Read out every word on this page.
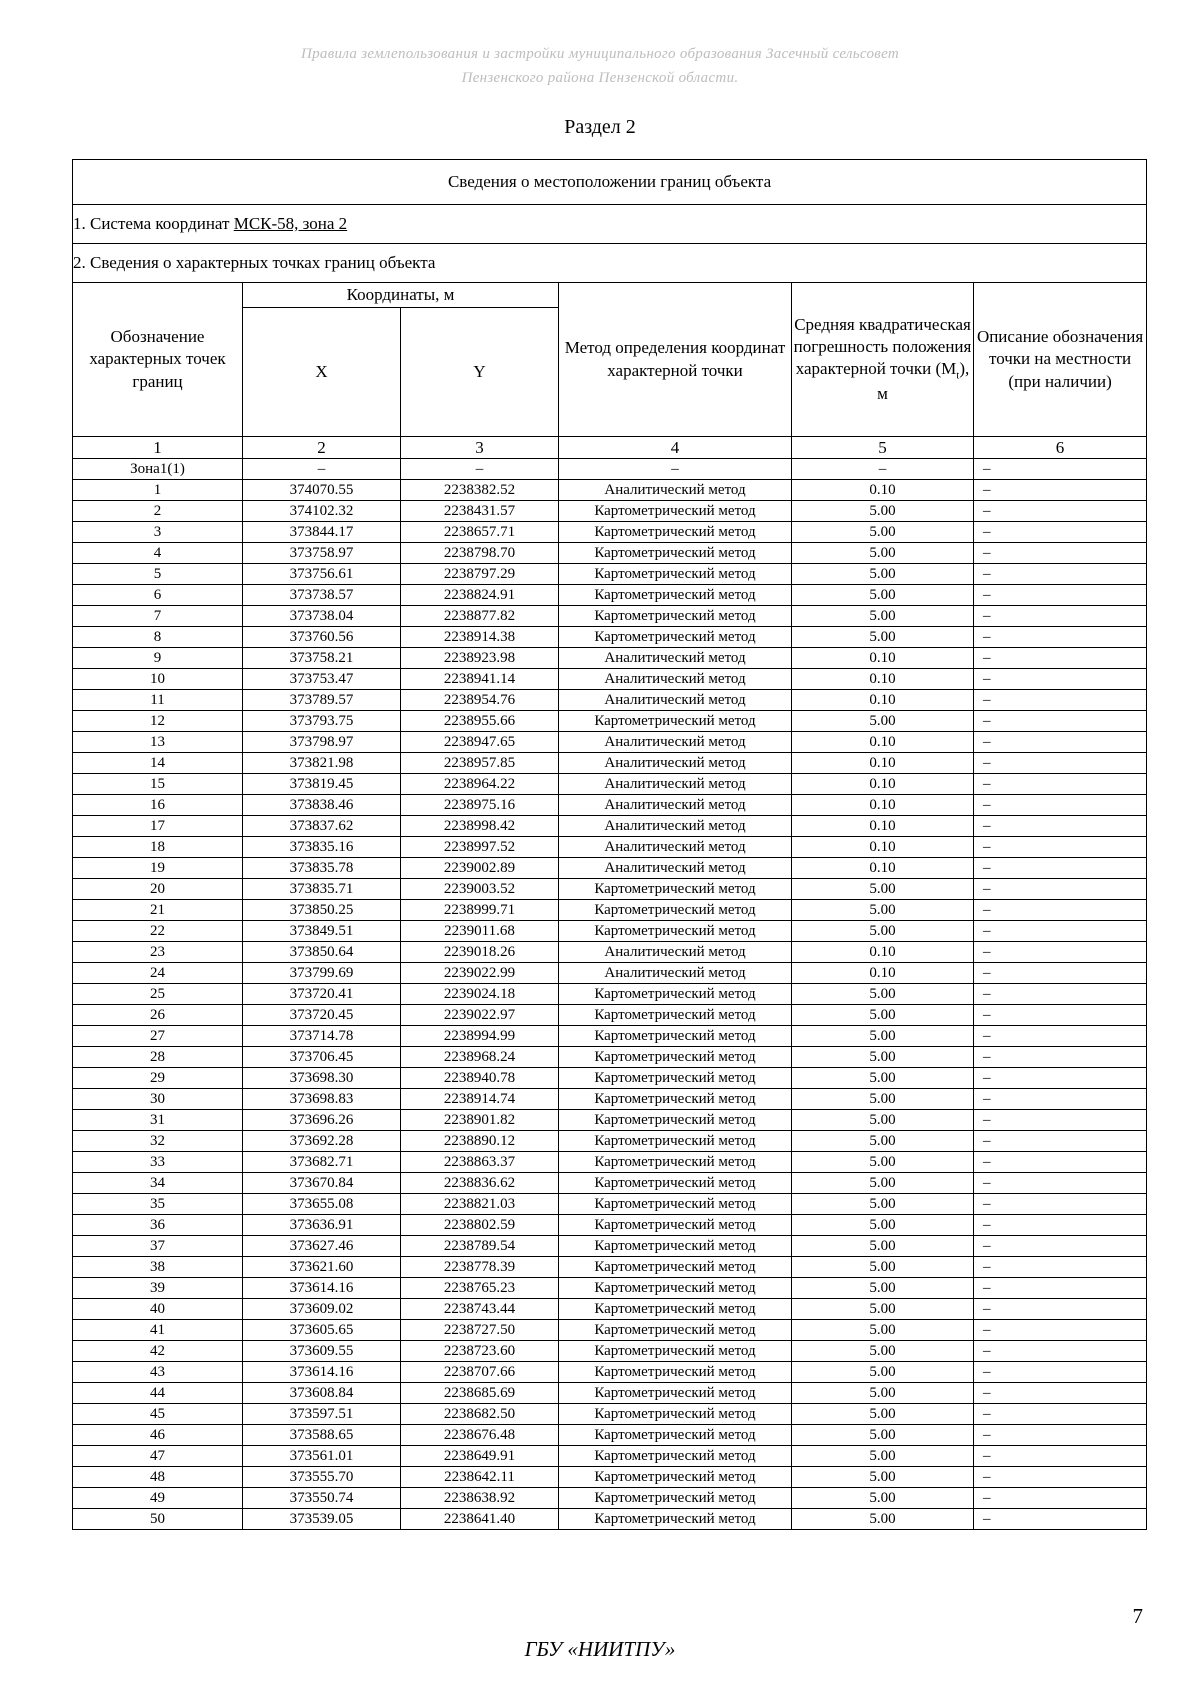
Правила землепользования и застройки муниципального образования Засечный сельсовет
Пензенского района Пензенской области.
Раздел 2
Сведения о местоположении границ объекта					
1. Система координат МСК-58, зона 2					
2. Сведения о характерных точках границ объекта					
Обозначение характерных точек границ	Координаты, м		Метод определения координат характерной точки	Средняя квадратическая погрешность положения характерной точки $(M_t)$, м	Описание обозначения точки на местности (при наличии)
	X	Y			
1	2	3	4	5	6
Зона1(1)	–	–	–	–	–
1	374070.55	2238382.52	Аналитический метод	0.10	–
2	374102.32	2238431.57	Картометрический метод	5.00	–
3	373844.17	2238657.71	Картометрический метод	5.00	–
4	373758.97	2238798.70	Картометрический метод	5.00	–
5	373756.61	2238797.29	Картометрический метод	5.00	–
6	373738.57	2238824.91	Картометрический метод	5.00	–
7	373738.04	2238877.82	Картометрический метод	5.00	–
8	373760.56	2238914.38	Картометрический метод	5.00	–
9	373758.21	2238923.98	Аналитический метод	0.10	–
10	373753.47	2238941.14	Аналитический метод	0.10	–
11	373789.57	2238954.76	Аналитический метод	0.10	–
12	373793.75	2238955.66	Картометрический метод	5.00	–
13	373798.97	2238947.65	Аналитический метод	0.10	–
14	373821.98	2238957.85	Аналитический метод	0.10	–
15	373819.45	2238964.22	Аналитический метод	0.10	–
16	373838.46	2238975.16	Аналитический метод	0.10	–
17	373837.62	2238998.42	Аналитический метод	0.10	–
18	373835.16	2238997.52	Аналитический метод	0.10	–
19	373835.78	2239002.89	Аналитический метод	0.10	–
20	373835.71	2239003.52	Картометрический метод	5.00	–
21	373850.25	2238999.71	Картометрический метод	5.00	–
22	373849.51	2239011.68	Картометрический метод	5.00	–
23	373850.64	2239018.26	Аналитический метод	0.10	–
24	373799.69	2239022.99	Аналитический метод	0.10	–
25	373720.41	2239024.18	Картометрический метод	5.00	–
26	373720.45	2239022.97	Картометрический метод	5.00	–
27	373714.78	2238994.99	Картометрический метод	5.00	–
28	373706.45	2238968.24	Картометрический метод	5.00	–
29	373698.30	2238940.78	Картометрический метод	5.00	–
30	373698.83	2238914.74	Картометрический метод	5.00	–
31	373696.26	2238901.82	Картометрический метод	5.00	–
32	373692.28	2238890.12	Картометрический метод	5.00	–
33	373682.71	2238863.37	Картометрический метод	5.00	–
34	373670.84	2238836.62	Картометрический метод	5.00	–
35	373655.08	2238821.03	Картометрический метод	5.00	–
36	373636.91	2238802.59	Картометрический метод	5.00	–
37	373627.46	2238789.54	Картометрический метод	5.00	–
38	373621.60	2238778.39	Картометрический метод	5.00	–
39	373614.16	2238765.23	Картометрический метод	5.00	–
40	373609.02	2238743.44	Картометрический метод	5.00	–
41	373605.65	2238727.50	Картометрический метод	5.00	–
42	373609.55	2238723.60	Картометрический метод	5.00	–
43	373614.16	2238707.66	Картометрический метод	5.00	–
44	373608.84	2238685.69	Картометрический метод	5.00	–
45	373597.51	2238682.50	Картометрический метод	5.00	–
46	373588.65	2238676.48	Картометрический метод	5.00	–
47	373561.01	2238649.91	Картометрический метод	5.00	–
48	373555.70	2238642.11	Картометрический метод	5.00	–
49	373550.74	2238638.92	Картометрический метод	5.00	–
50	373539.05	2238641.40	Картометрический метод	5.00	–
7
ГБУ «НИИТПУ»
